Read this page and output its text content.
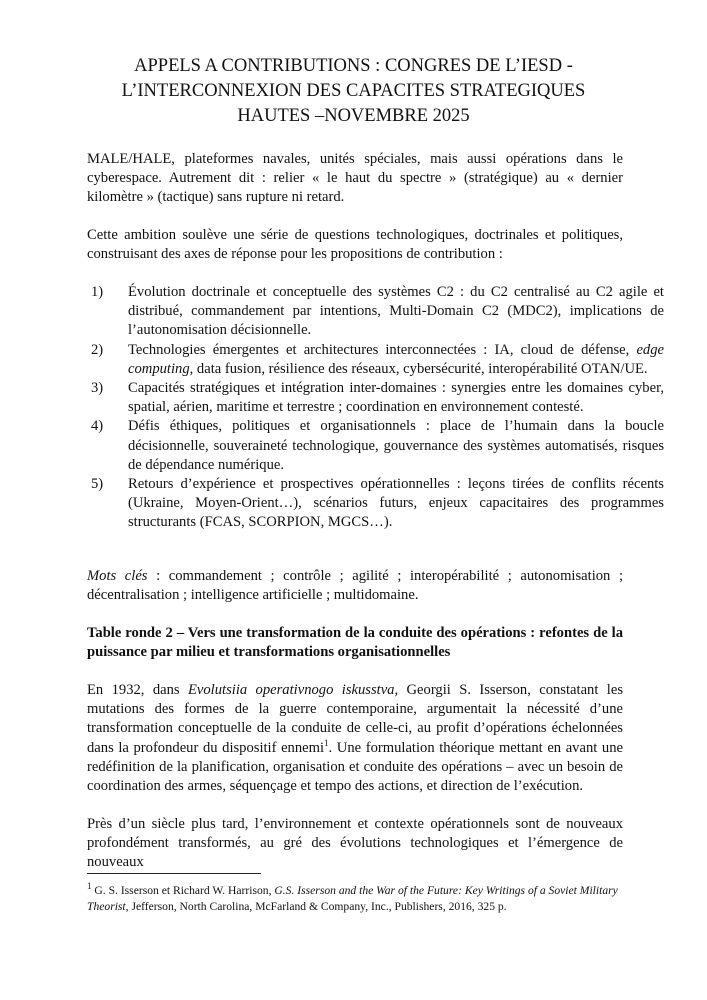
APPELS A CONTRIBUTIONS : CONGRES DE L’IESD -
L’INTERCONNEXION DES CAPACITES STRATEGIQUES
HAUTES –NOVEMBRE 2025

MALE/HALE, plateformes navales, unités spéciales, mais aussi opérations dans le cyberespace. Autrement dit : relier « le haut du spectre » (stratégique) au « dernier kilomètre » (tactique) sans rupture ni retard.

Cette ambition soulève une série de questions technologiques, doctrinales et politiques, construisant des axes de réponse pour les propositions de contribution :

1) Évolution doctrinale et conceptuelle des systèmes C2 : du C2 centralisé au C2 agile et distribué, commandement par intentions, Multi-Domain C2 (MDC2), implications de l’autonomisation décisionnelle.
2) Technologies émergentes et architectures interconnectées : IA, cloud de défense, edge computing, data fusion, résilience des réseaux, cybersécurité, interopérabilité OTAN/UE.
3) Capacités stratégiques et intégration inter-domaines : synergies entre les domaines cyber, spatial, aérien, maritime et terrestre ; coordination en environnement contesté.
4) Défis éthiques, politiques et organisationnels : place de l’humain dans la boucle décisionnelle, souveraineté technologique, gouvernance des systèmes automatisés, risques de dépendance numérique.
5) Retours d’expérience et prospectives opérationnelles : leçons tirées de conflits récents (Ukraine, Moyen-Orient…), scénarios futurs, enjeux capacitaires des programmes structurants (FCAS, SCORPION, MGCS…).

Mots clés : commandement ; contrôle ; agilité ; interopérabilité ; autonomisation ; décentralisation ; intelligence artificielle ; multidomaine.

Table ronde 2 – Vers une transformation de la conduite des opérations : refontes de la puissance par milieu et transformations organisationnelles

En 1932, dans Evolutsiia operativnogo iskusstva, Georgii S. Isserson, constatant les mutations des formes de la guerre contemporaine, argumentait la nécessité d’une transformation conceptuelle de la conduite de celle-ci, au profit d’opérations échelonnées dans la profondeur du dispositif ennemi$^1$. Une formulation théorique mettant en avant une redéfinition de la planification, organisation et conduite des opérations – avec un besoin de coordination des armes, séquençage et tempo des actions, et direction de l’exécution.

Près d’un siècle plus tard, l’environnement et contexte opérationnels sont de nouveaux profondément transformés, au gré des évolutions technologiques et l’émergence de nouveaux

$^1$ G. S. Isserson et Richard W. Harrison, G.S. Isserson and the War of the Future: Key Writings of a Soviet Military Theorist, Jefferson, North Carolina, McFarland & Company, Inc., Publishers, 2016, 325 p.
